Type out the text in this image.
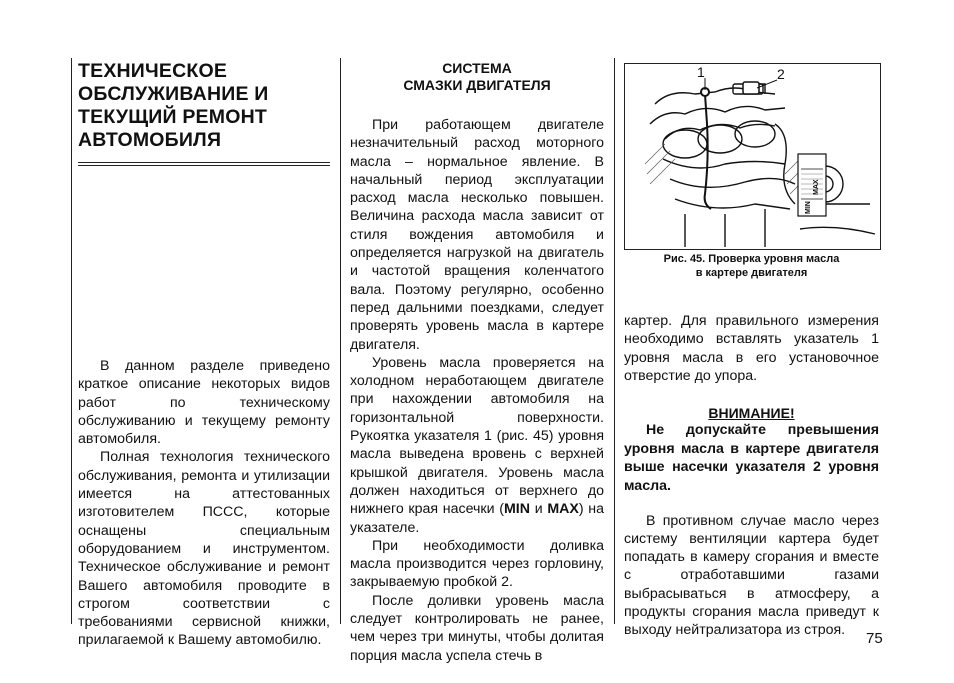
ТЕХНИЧЕСКОЕ ОБСЛУЖИВАНИЕ И ТЕКУЩИЙ РЕМОНТ АВТОМОБИЛЯ

В данном разделе приведено краткое описание некоторых видов работ по техническому обслуживанию и текущему ремонту автомобиля.

Полная технология технического обслуживания, ремонта и утилизации имеется на аттестованных изготовителем ПССС, которые оснащены специальным оборудованием и инструментом. Техническое обслуживание и ремонт Вашего автомобиля проводите в строгом соответствии с требованиями сервисной книжки, прилагаемой к Вашему автомобилю.

СИСТЕМА

СМАЗКИ ДВИГАТЕЛЯ

При работающем двигателе незначительный расход моторного масла – нормальное явление. В начальный период эксплуатации расход масла несколько повышен. Величина расхода масла зависит от стиля вождения автомобиля и определяется нагрузкой на двигатель и частотой вращения коленчатого вала. Поэтому регулярно, особенно перед дальними поездками, следует проверять уровень масла в картере двигателя.

Уровень масла проверяется на холодном неработающем двигателе при нахождении автомобиля на горизонтальной поверхности. Рукоятка указателя 1 (рис. 45) уровня масла выведена вровень с верхней крышкой двигателя. Уровень масла должен находиться от верхнего до нижнего края насечки (MIN и MAX) на указателе.

При необходимости доливка масла производится через горловину, закрываемую пробкой 2.

После доливки уровень масла следует контролировать не ранее, чем через три минуты, чтобы долитая порция масла успела стечь в

1	2
MAX
MIN

Рис. 45. Проверка уровня масла

в картере двигателя

картер. Для правильного измерения необходимо вставлять указатель 1 уровня масла в его установочное отверстие до упора.

ВНИМАНИЕ!

Не допускайте превышения уровня масла в картере двигателя выше насечки указателя 2 уровня масла.

В противном случае масло через систему вентиляции картера будет попадать в камеру сгорания и вместе с отработавшими газами выбрасываться в атмосферу, а продукты сгорания масла приведут к выходу нейтрализатора из строя.	75
